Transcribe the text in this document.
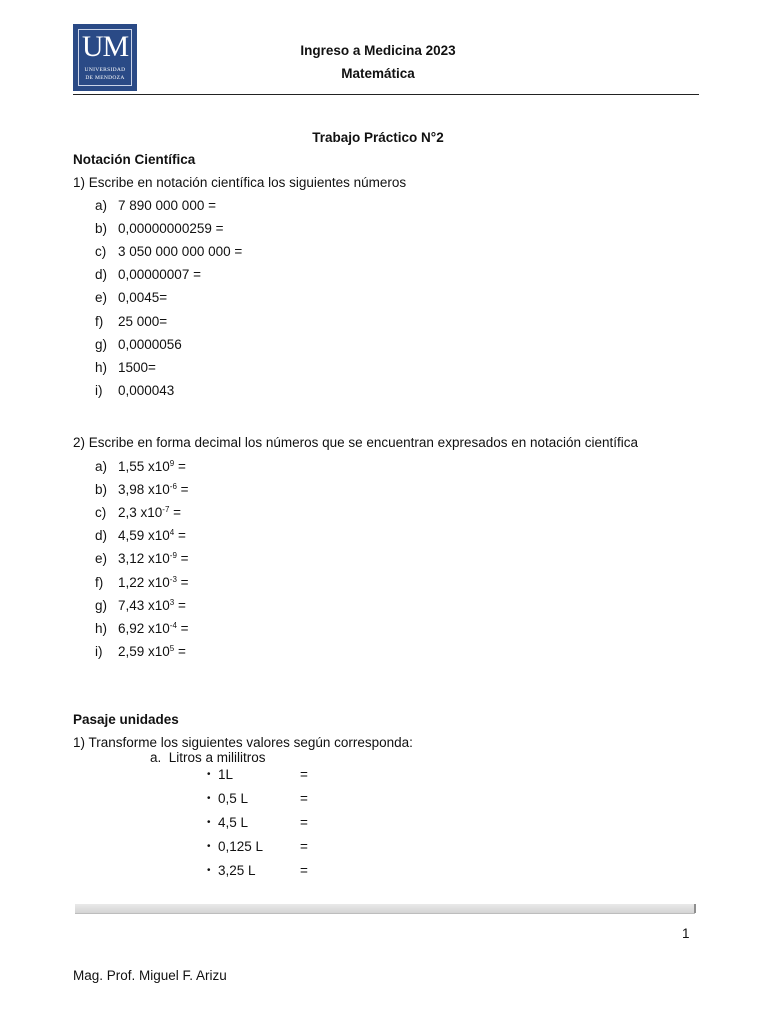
UM
UNIVERSIDAD
DE MENDOZA
Ingreso a Medicina 2023
Matemática
Trabajo Práctico N°2
Notación Científica
1) Escribe en notación científica los siguientes números
a) 7 890 000 000 =
b) 0,00000000259 =
c) 3 050 000 000 000 =
d) 0,00000007 =
e) 0,0045=
f)	25 000=
g) 0,0000056
h) 1500=
i)	0,000043
2) Escribe en forma decimal los números que se encuentran expresados en notación científica
a) 1,55 $x10^9$ =
b) 3,98 $x10^{-6}$ =
c) 2,3 $x10^{-7}$ =
d) 4,59 $x10^4$ =
e) 3,12 $x10^{-9}$ =
f)	1,22 $x10^{-3}$ =
g) 7,43 $x10^3$ =
h) 6,92 $x10^{-4}$ =
i)	2,59 $x10^5$ =
Pasaje unidades
1) Transforme los siguientes valores según corresponda:
a. Litros a mililitros
• 1L	=
• 0,5 L	=
• 4,5 L	=
• 0,125 L	=
• 3,25 L	=
1
Mag. Prof. Miguel F. Arizu
